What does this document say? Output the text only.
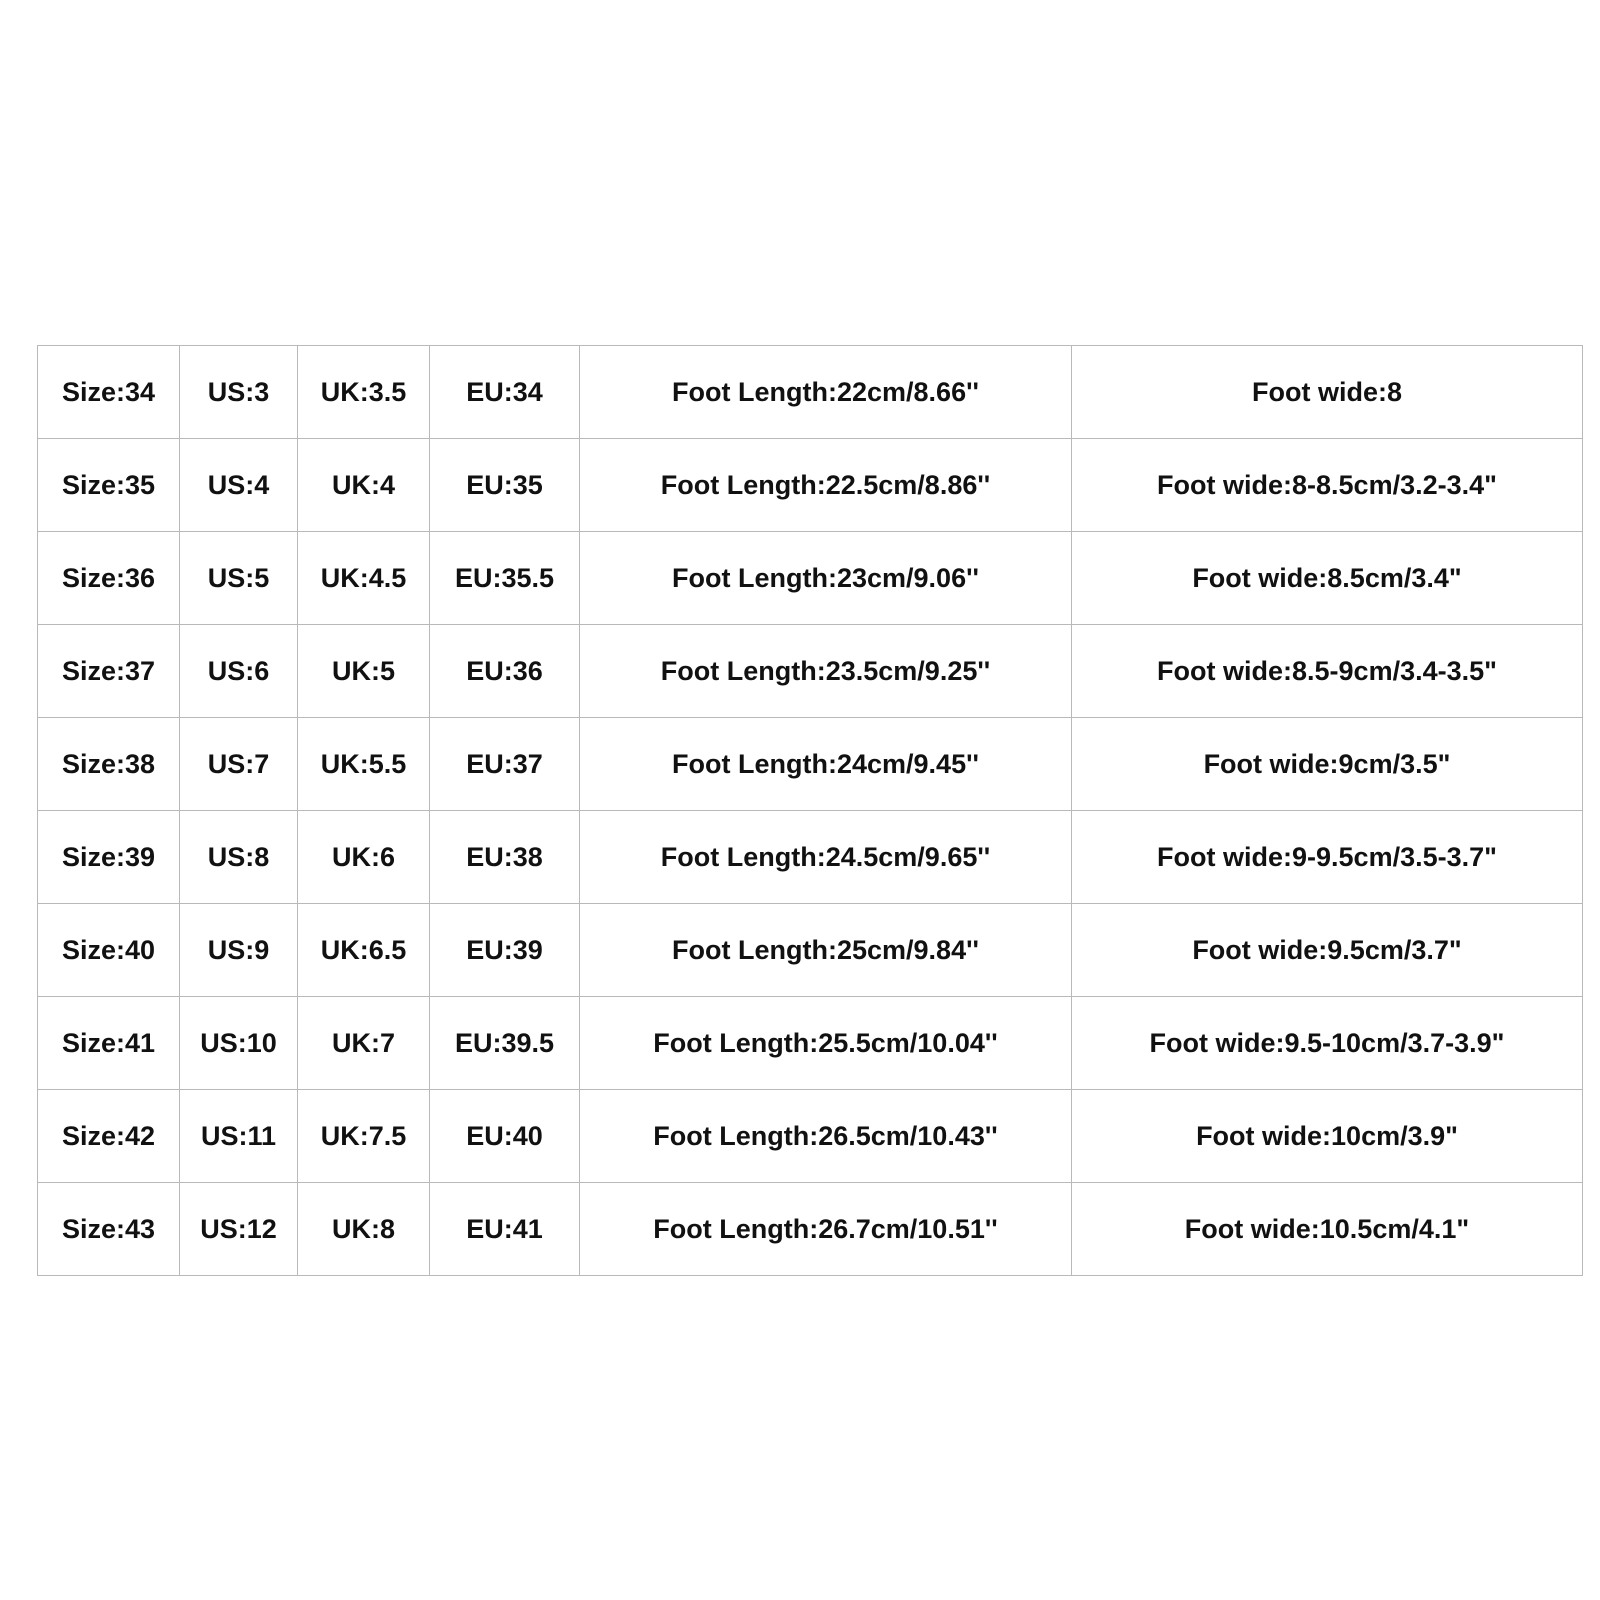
Size:34	US:3	UK:3.5	EU:34	Foot Length:22cm/8.66''	Foot wide:8
Size:35	US:4	UK:4	EU:35	Foot Length:22.5cm/8.86''	Foot wide:8-8.5cm/3.2-3.4"
Size:36	US:5	UK:4.5	EU:35.5	Foot Length:23cm/9.06''	Foot wide:8.5cm/3.4"
Size:37	US:6	UK:5	EU:36	Foot Length:23.5cm/9.25''	Foot wide:8.5-9cm/3.4-3.5"
Size:38	US:7	UK:5.5	EU:37	Foot Length:24cm/9.45''	Foot wide:9cm/3.5"
Size:39	US:8	UK:6	EU:38	Foot Length:24.5cm/9.65''	Foot wide:9-9.5cm/3.5-3.7"
Size:40	US:9	UK:6.5	EU:39	Foot Length:25cm/9.84''	Foot wide:9.5cm/3.7"
Size:41	US:10	UK:7	EU:39.5	Foot Length:25.5cm/10.04''	Foot wide:9.5-10cm/3.7-3.9"
Size:42	US:11	UK:7.5	EU:40	Foot Length:26.5cm/10.43''	Foot wide:10cm/3.9"
Size:43	US:12	UK:8	EU:41	Foot Length:26.7cm/10.51''	Foot wide:10.5cm/4.1"
